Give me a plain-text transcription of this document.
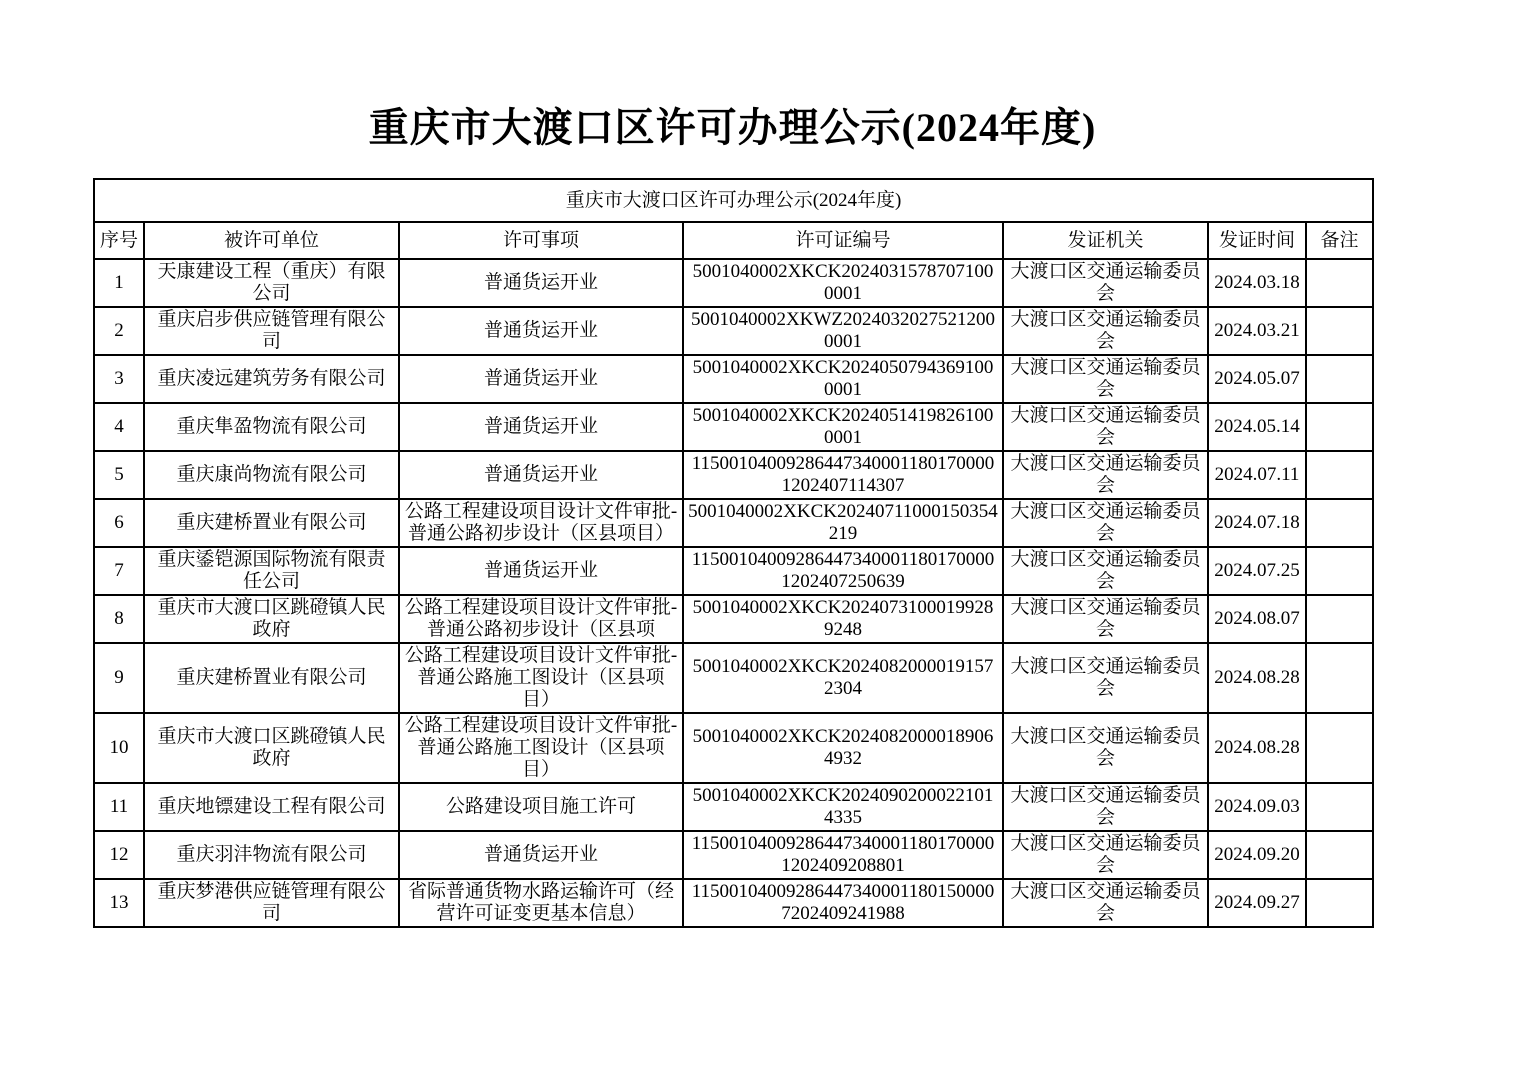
重庆市大渡口区许可办理公示(2024年度)
重庆市大渡口区许可办理公示(2024年度)						
序号	被许可单位	许可事项	许可证编号	发证机关	发证时间	备注
1	天康建设工程（重庆）有限公司	普通货运开业	5001040002XKCK20240315787071000001	大渡口区交通运输委员会	2024.03.18	
2	重庆启步供应链管理有限公司	普通货运开业	5001040002XKWZ20240320275212000001	大渡口区交通运输委员会	2024.03.21	
3	重庆凌远建筑劳务有限公司	普通货运开业	5001040002XKCK20240507943691000001	大渡口区交通运输委员会	2024.05.07	
4	重庆隼盈物流有限公司	普通货运开业	5001040002XKCK20240514198261000001	大渡口区交通运输委员会	2024.05.14	
5	重庆康尚物流有限公司	普通货运开业	115001040092864473400011801700001202407114307	大渡口区交通运输委员会	2024.07.11	
6	重庆建桥置业有限公司	公路工程建设项目设计文件审批-普通公路初步设计（区县项目）	5001040002XKCK20240711000150354219	大渡口区交通运输委员会	2024.07.18	
7	重庆鋈铠源国际物流有限责任公司	普通货运开业	115001040092864473400011801700001202407250639	大渡口区交通运输委员会	2024.07.25	
8	重庆市大渡口区跳磴镇人民政府	公路工程建设项目设计文件审批-普通公路初步设计（区县项	5001040002XKCK20240731000199289248	大渡口区交通运输委员会	2024.08.07	
9	重庆建桥置业有限公司	公路工程建设项目设计文件审批-普通公路施工图设计（区县项目）	5001040002XKCK20240820000191572304	大渡口区交通运输委员会	2024.08.28	
10	重庆市大渡口区跳磴镇人民政府	公路工程建设项目设计文件审批-普通公路施工图设计（区县项目）	5001040002XKCK20240820000189064932	大渡口区交通运输委员会	2024.08.28	
11	重庆地镖建设工程有限公司	公路建设项目施工许可	5001040002XKCK20240902000221014335	大渡口区交通运输委员会	2024.09.03	
12	重庆羽沣物流有限公司	普通货运开业	115001040092864473400011801700001202409208801	大渡口区交通运输委员会	2024.09.20	
13	重庆梦港供应链管理有限公司	省际普通货物水路运输许可（经营许可证变更基本信息）	115001040092864473400011801500007202409241988	大渡口区交通运输委员会	2024.09.27	
